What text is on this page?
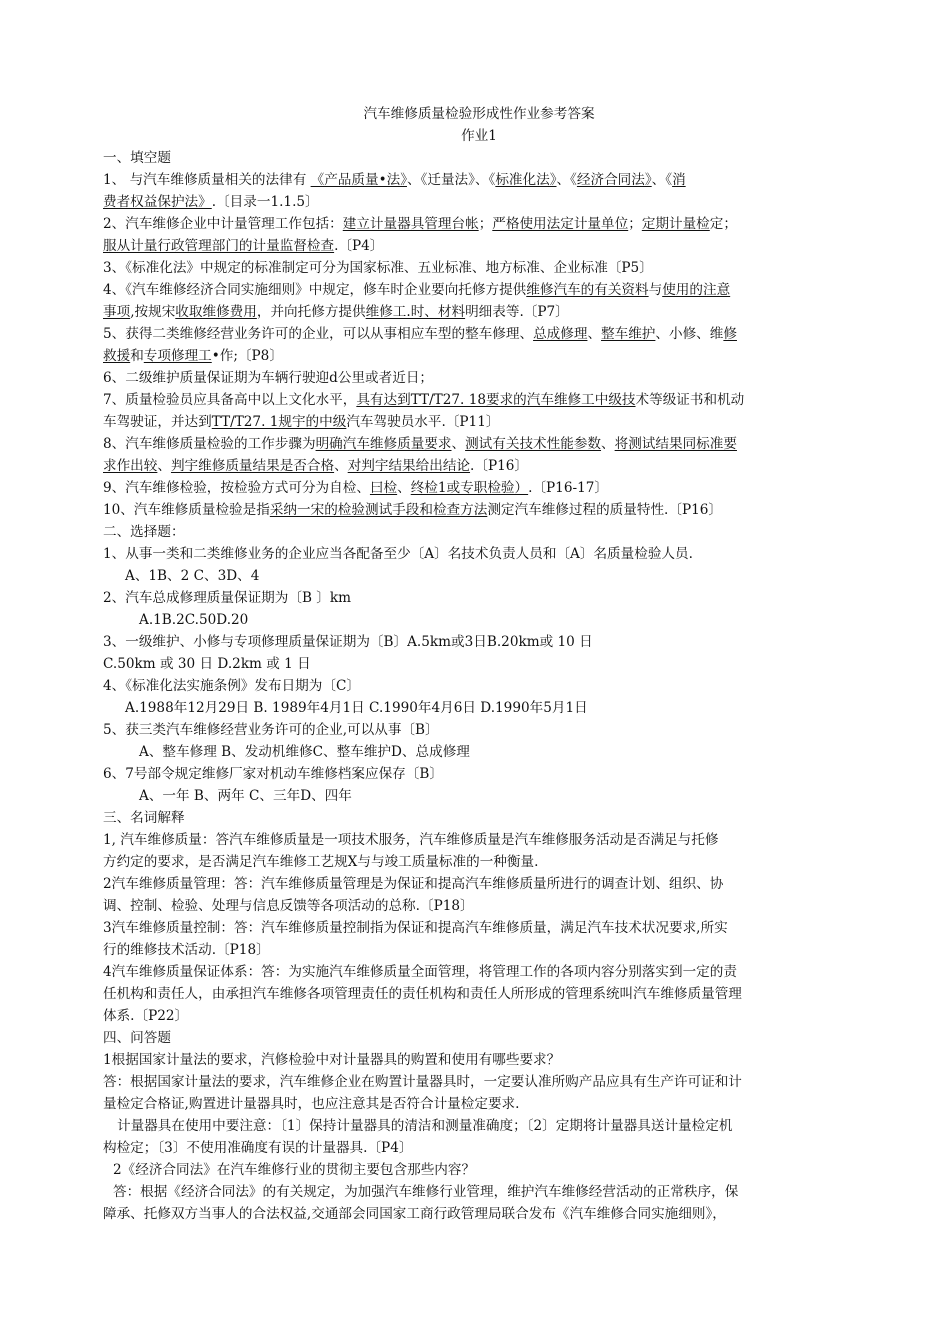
汽车维修质量检验形成性作业参考答案
作业1
一、填空题
1、 与汽车维修质量相关的法律有 《产品质量•法》、《迁量法》、《标准化法》、《经济合同法》、《消
费者权益保护法》.〔目录一1.1.5〕
2、汽车维修企业中计量管理工作包括：建立计量器具管理台帐；严格使用法定计量单位；定期计量检定；
服从计量行政管理部门的计量监督检查.〔P4〕
3、《标准化法》中规定的标准制定可分为国家标准、五业标准、地方标准、企业标准〔P5〕
4、《汽车维修经济合同实施细则》中规定，修车时企业要向托修方提供维修汽车的有关资料与使用的注意
事项,按规宋收取维修费用，并向托修方提供维修工.时、材料明细表等.〔P7〕
5、获得二类维修经营业务许可的企业，可以从事相应车型的整车修理、总成修理、整车维护、小修、维修
救援和专项修理工•作;〔P8〕
6、二级维护质量保证期为车辆行驶迎d公里或者近日；
7、质量检验员应具备高中以上文化水平，具有达到TT/T27. 18要求的汽车维修工中级技术等级证书和机动
车驾驶证，并达到TT/T27. 1规宇的中级汽车驾驶员水平.〔P11〕
8、汽车维修质量检验的工作步骤为明确汽车维修质量要求、测试有关技术性能参数、将测试结果同标准要
求作出较、判宇维修质量结果是否合格、对判宇结果给出结论.〔P16〕
9、汽车维修检验，按检验方式可分为自检、曰检、终检1或专职检验）.〔P16-17〕
10、汽车维修质量检验是指采纳一宋的检验测试手段和检查方法测定汽车维修过程的质量特性.〔P16〕
二、选择题：
1、从事一类和二类维修业务的企业应当各配备至少〔A〕名技术负责人员和〔A〕名质量检验人员.
A、1B、2 C、3D、4
2、汽车总成修理质量保证期为〔B 〕km
A.1B.2C.50D.20
3、一级维护、小修与专项修理质量保证期为〔B〕A.5km或3日B.20km或 10 日
C.50km 或 30 日 D.2km 或 1 日
4、《标准化法实施条例》发布日期为〔C〕
A.1988年12月29日 B. 1989年4月1日 C.1990年4月6日 D.1990年5月1日
5、获三类汽车维修经营业务许可的企业,可以从事〔B〕
A、整车修理 B、发动机维修C、整车维护D、总成修理
6、7号部令规定维修厂家对机动车维修档案应保存〔B〕
A、一年 B、两年 C、三年D、四年
三、名词解释
1, 汽车维修质量：答汽车维修质量是一项技术服务，汽车维修质量是汽车维修服务活动是否满足与托修
方约定的要求，是否满足汽车维修工艺规X与与竣工质量标准的一种衡量.
2汽车维修质量管理：答：汽车维修质量管理是为保证和提高汽车维修质量所进行的调查计划、组织、协
调、控制、检验、处理与信息反馈等各项活动的总称.〔P18〕
3汽车维修质量控制：答：汽车维修质量控制指为保证和提高汽车维修质量，满足汽车技术状况要求,所实
行的维修技术活动.〔P18〕
4汽车维修质量保证体系：答：为实施汽车维修质量全面管理，将管理工作的各项内容分别落实到一定的责
任机构和责任人，由承担汽车维修各项管理责任的责任机构和责任人所形成的管理系统叫汽车维修质量管理
体系.〔P22〕
四、问答题
1根据国家计量法的要求，汽修检验中对计量器具的购置和使用有哪些要求？
答：根据国家计量法的要求，汽车维修企业在购置计量器具时，一定要认准所购产品应具有生产许可证和计
量检定合格证,购置进计量器具时，也应注意其是否符合计量检定要求.
计量器具在使用中要注意：〔1〕保持计量器具的清洁和测量准确度；〔2〕定期将计量器具送计量检定机
构检定；〔3〕不使用准确度有误的计量器具.〔P4〕
2《经济合同法》在汽车维修行业的贯彻主要包含那些内容？
答：根据《经济合同法》的有关规定，为加强汽车维修行业管理，维护汽车维修经营活动的正常秩序，保
障承、托修双方当事人的合法权益,交通部会同国家工商行政管理局联合发布《汽车维修合同实施细则》，
